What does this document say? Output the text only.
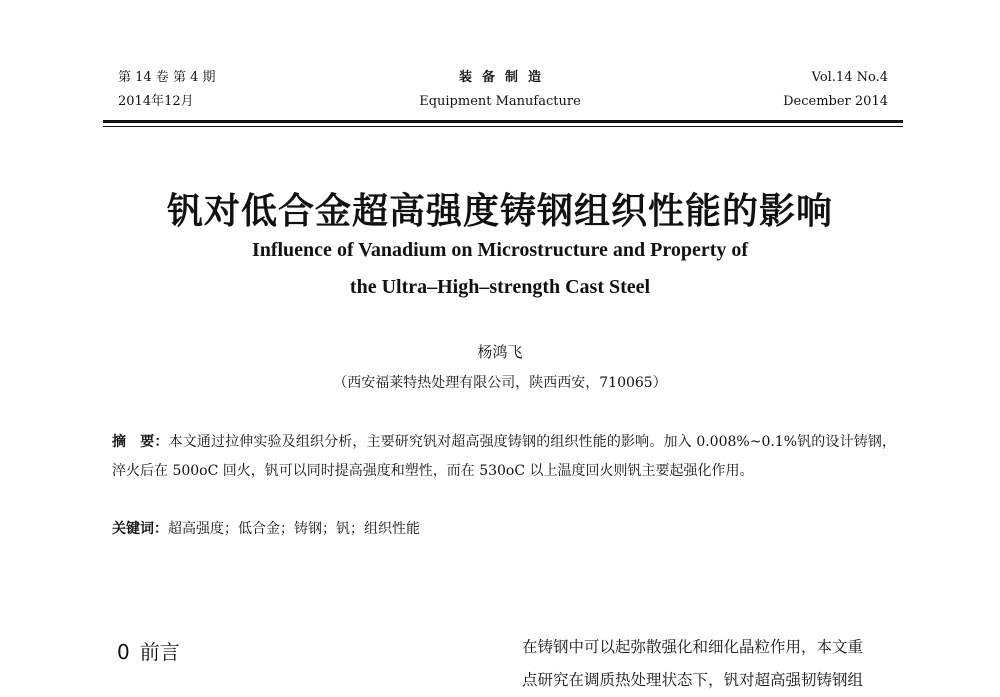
第 14 卷 第 4 期
2014年12月
装备制造
Equipment Manufacture
Vol.14 No.4
December 2014
钒对低合金超高强度铸钢组织性能的影响
Influence of Vanadium on Microstructure and Property of
the Ultra–High–strength Cast Steel
杨鸿飞
（西安福莱特热处理有限公司，陕西西安，710065）
摘　要：本文通过拉伸实验及组织分析，主要研究钒对超高强度铸钢的组织性能的影响。加入 0.008%~0.1%钒的设计铸钢，淬火后在 500oC 回火，钒可以同时提高强度和塑性，而在 530oC 以上温度回火则钒主要起强化作用。
关键词：超高强度；低合金；铸钢；钒；组织性能
0 前言	在铸钢中可以起弥散强化和细化晶粒作用，本文重
点研究在调质热处理状态下，钒对超高强韧铸钢组
